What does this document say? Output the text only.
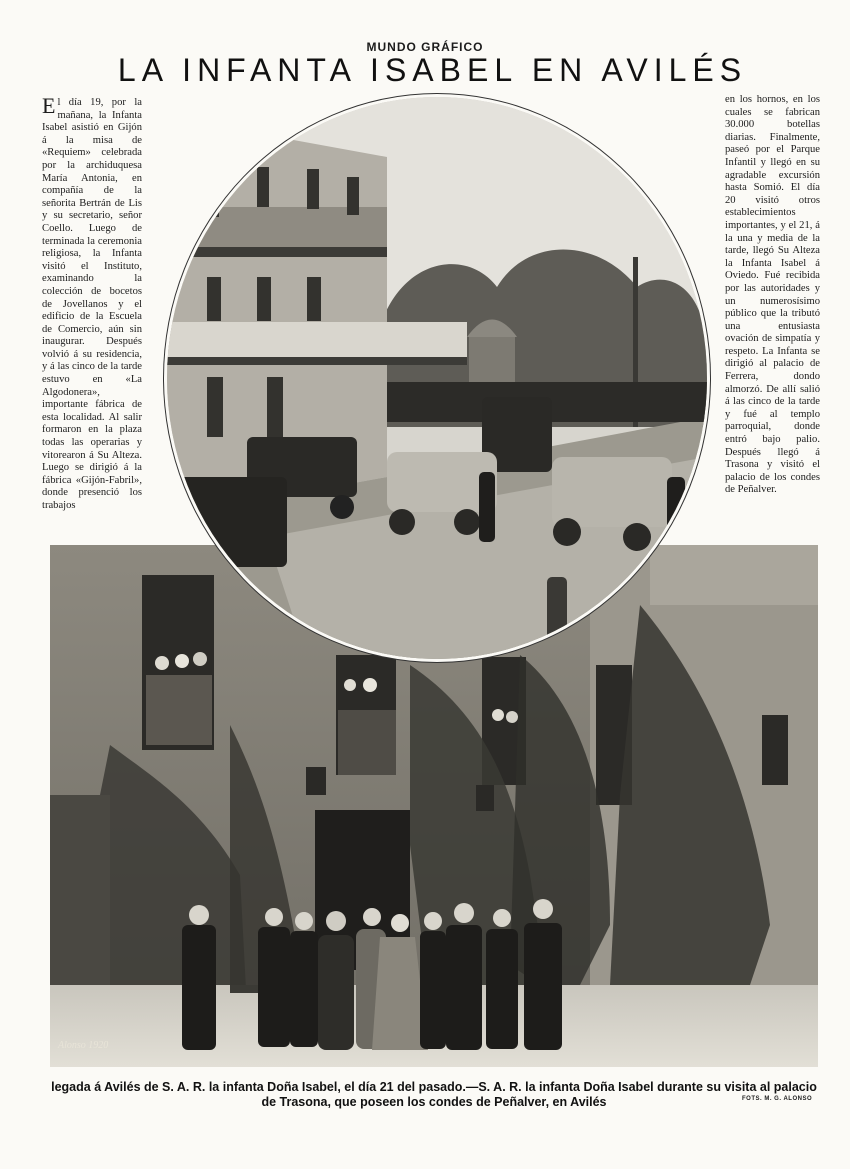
MUNDO GRÁFICO
LA INFANTA ISABEL EN AVILÉS
El día 19, por la mañana, la Infanta Isabel asistió en Gijón á la misa de «Requiem» celebrada por la archiduquesa María Antonia, en compañía de la señorita Bertrán de Lis y su secretario, señor Coello. Luego de terminada la ceremonia religiosa, la Infanta visitó el Instituto, examinando la colección de bocetos de Jovellanos y el edificio de la Escuela de Comercio, aún sin inaugurar. Después volvió á su residencia, y á las cinco de la tarde estuvo en «La Algodonera», importante fábrica de esta localidad. Al salir formaron en la plaza todas las operarias y vitorearon á Su Alteza. Luego se dirigió á la fábrica «Gijón-Fabril», donde presenció los trabajos
en los hornos, en los cuales se fabrican 30.000 botellas diarias. Finalmente, paseó por el Parque Infantil y llegó en su agradable excursión hasta Somió. El día 20 visitó otros establecimientos importantes, y el 21, á la una y media de la tarde, llegó Su Alteza la Infanta Isabel á Oviedo. Fué recibida por las autoridades y un numerosísimo público que la tributó una entusiasta ovación de simpatía y respeto. La Infanta se dirigió al palacio de Ferrera, dondo almorzó. De allí salió á las cinco de la tarde y fué al templo parroquial, donde entró bajo palio. Después llegó á Trasona y visitó el palacio de los condes de Peñalver.
Alonso 1920
legada á Avilés de S. A. R. la infanta Doña Isabel, el día 21 del pasado.—S. A. R. la infanta Doña Isabel durante su visita al palacio de Trasona, que poseen los condes de Peñalver, en Avilés	FOTS. M. G. ALONSO
